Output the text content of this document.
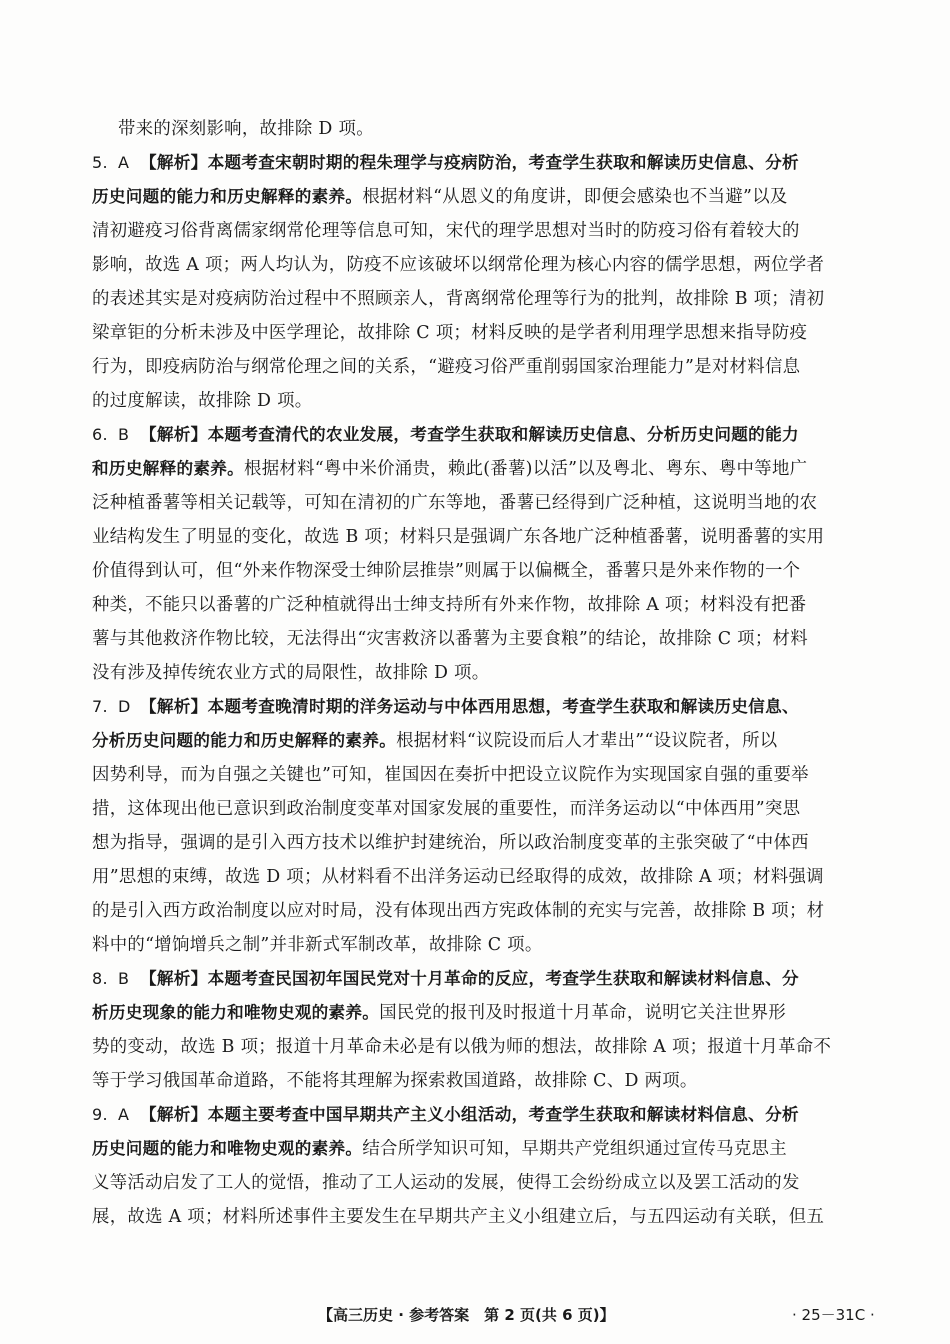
带来的深刻影响，故排除 D 项。
5. A 【解析】本题考查宋朝时期的程朱理学与疫病防治，考查学生获取和解读历史信息、分析
历史问题的能力和历史解释的素养。根据材料“从恩义的角度讲，即便会感染也不当避”以及
清初避疫习俗背离儒家纲常伦理等信息可知，宋代的理学思想对当时的防疫习俗有着较大的
影响，故选 A 项；两人均认为，防疫不应该破坏以纲常伦理为核心内容的儒学思想，两位学者
的表述其实是对疫病防治过程中不照顾亲人，背离纲常伦理等行为的批判，故排除 B 项；清初
梁章钜的分析未涉及中医学理论，故排除 C 项；材料反映的是学者利用理学思想来指导防疫
行为，即疫病防治与纲常伦理之间的关系，“避疫习俗严重削弱国家治理能力”是对材料信息
的过度解读，故排除 D 项。
6. B 【解析】本题考查清代的农业发展，考查学生获取和解读历史信息、分析历史问题的能力
和历史解释的素养。根据材料“粤中米价涌贵，赖此(番薯)以活”以及粤北、粤东、粤中等地广
泛种植番薯等相关记载等，可知在清初的广东等地，番薯已经得到广泛种植，这说明当地的农
业结构发生了明显的变化，故选 B 项；材料只是强调广东各地广泛种植番薯，说明番薯的实用
价值得到认可，但“外来作物深受士绅阶层推崇”则属于以偏概全，番薯只是外来作物的一个
种类，不能只以番薯的广泛种植就得出士绅支持所有外来作物，故排除 A 项；材料没有把番
薯与其他救济作物比较，无法得出“灾害救济以番薯为主要食粮”的结论，故排除 C 项；材料
没有涉及掉传统农业方式的局限性，故排除 D 项。
7. D 【解析】本题考查晚清时期的洋务运动与中体西用思想，考查学生获取和解读历史信息、
分析历史问题的能力和历史解释的素养。根据材料“议院设而后人才辈出”“设议院者，所以
因势利导，而为自强之关键也”可知，崔国因在奏折中把设立议院作为实现国家自强的重要举
措，这体现出他已意识到政治制度变革对国家发展的重要性，而洋务运动以“中体西用”突思
想为指导，强调的是引入西方技术以维护封建统治，所以政治制度变革的主张突破了“中体西
用”思想的束缚，故选 D 项；从材料看不出洋务运动已经取得的成效，故排除 A 项；材料强调
的是引入西方政治制度以应对时局，没有体现出西方宪政体制的充实与完善，故排除 B 项；材
料中的“增饷增兵之制”并非新式军制改革，故排除 C 项。
8. B 【解析】本题考查民国初年国民党对十月革命的反应，考查学生获取和解读材料信息、分
析历史现象的能力和唯物史观的素养。国民党的报刊及时报道十月革命，说明它关注世界形
势的变动，故选 B 项；报道十月革命未必是有以俄为师的想法，故排除 A 项；报道十月革命不
等于学习俄国革命道路，不能将其理解为探索救国道路，故排除 C、D 两项。
9. A 【解析】本题主要考查中国早期共产主义小组活动，考查学生获取和解读材料信息、分析
历史问题的能力和唯物史观的素养。结合所学知识可知，早期共产党组织通过宣传马克思主
义等活动启发了工人的觉悟，推动了工人运动的发展，使得工会纷纷成立以及罢工活动的发
展，故选 A 项；材料所述事件主要发生在早期共产主义小组建立后，与五四运动有关联，但五
【高三历史 · 参考答案　第 2 页(共 6 页)】	· 25－31C ·
